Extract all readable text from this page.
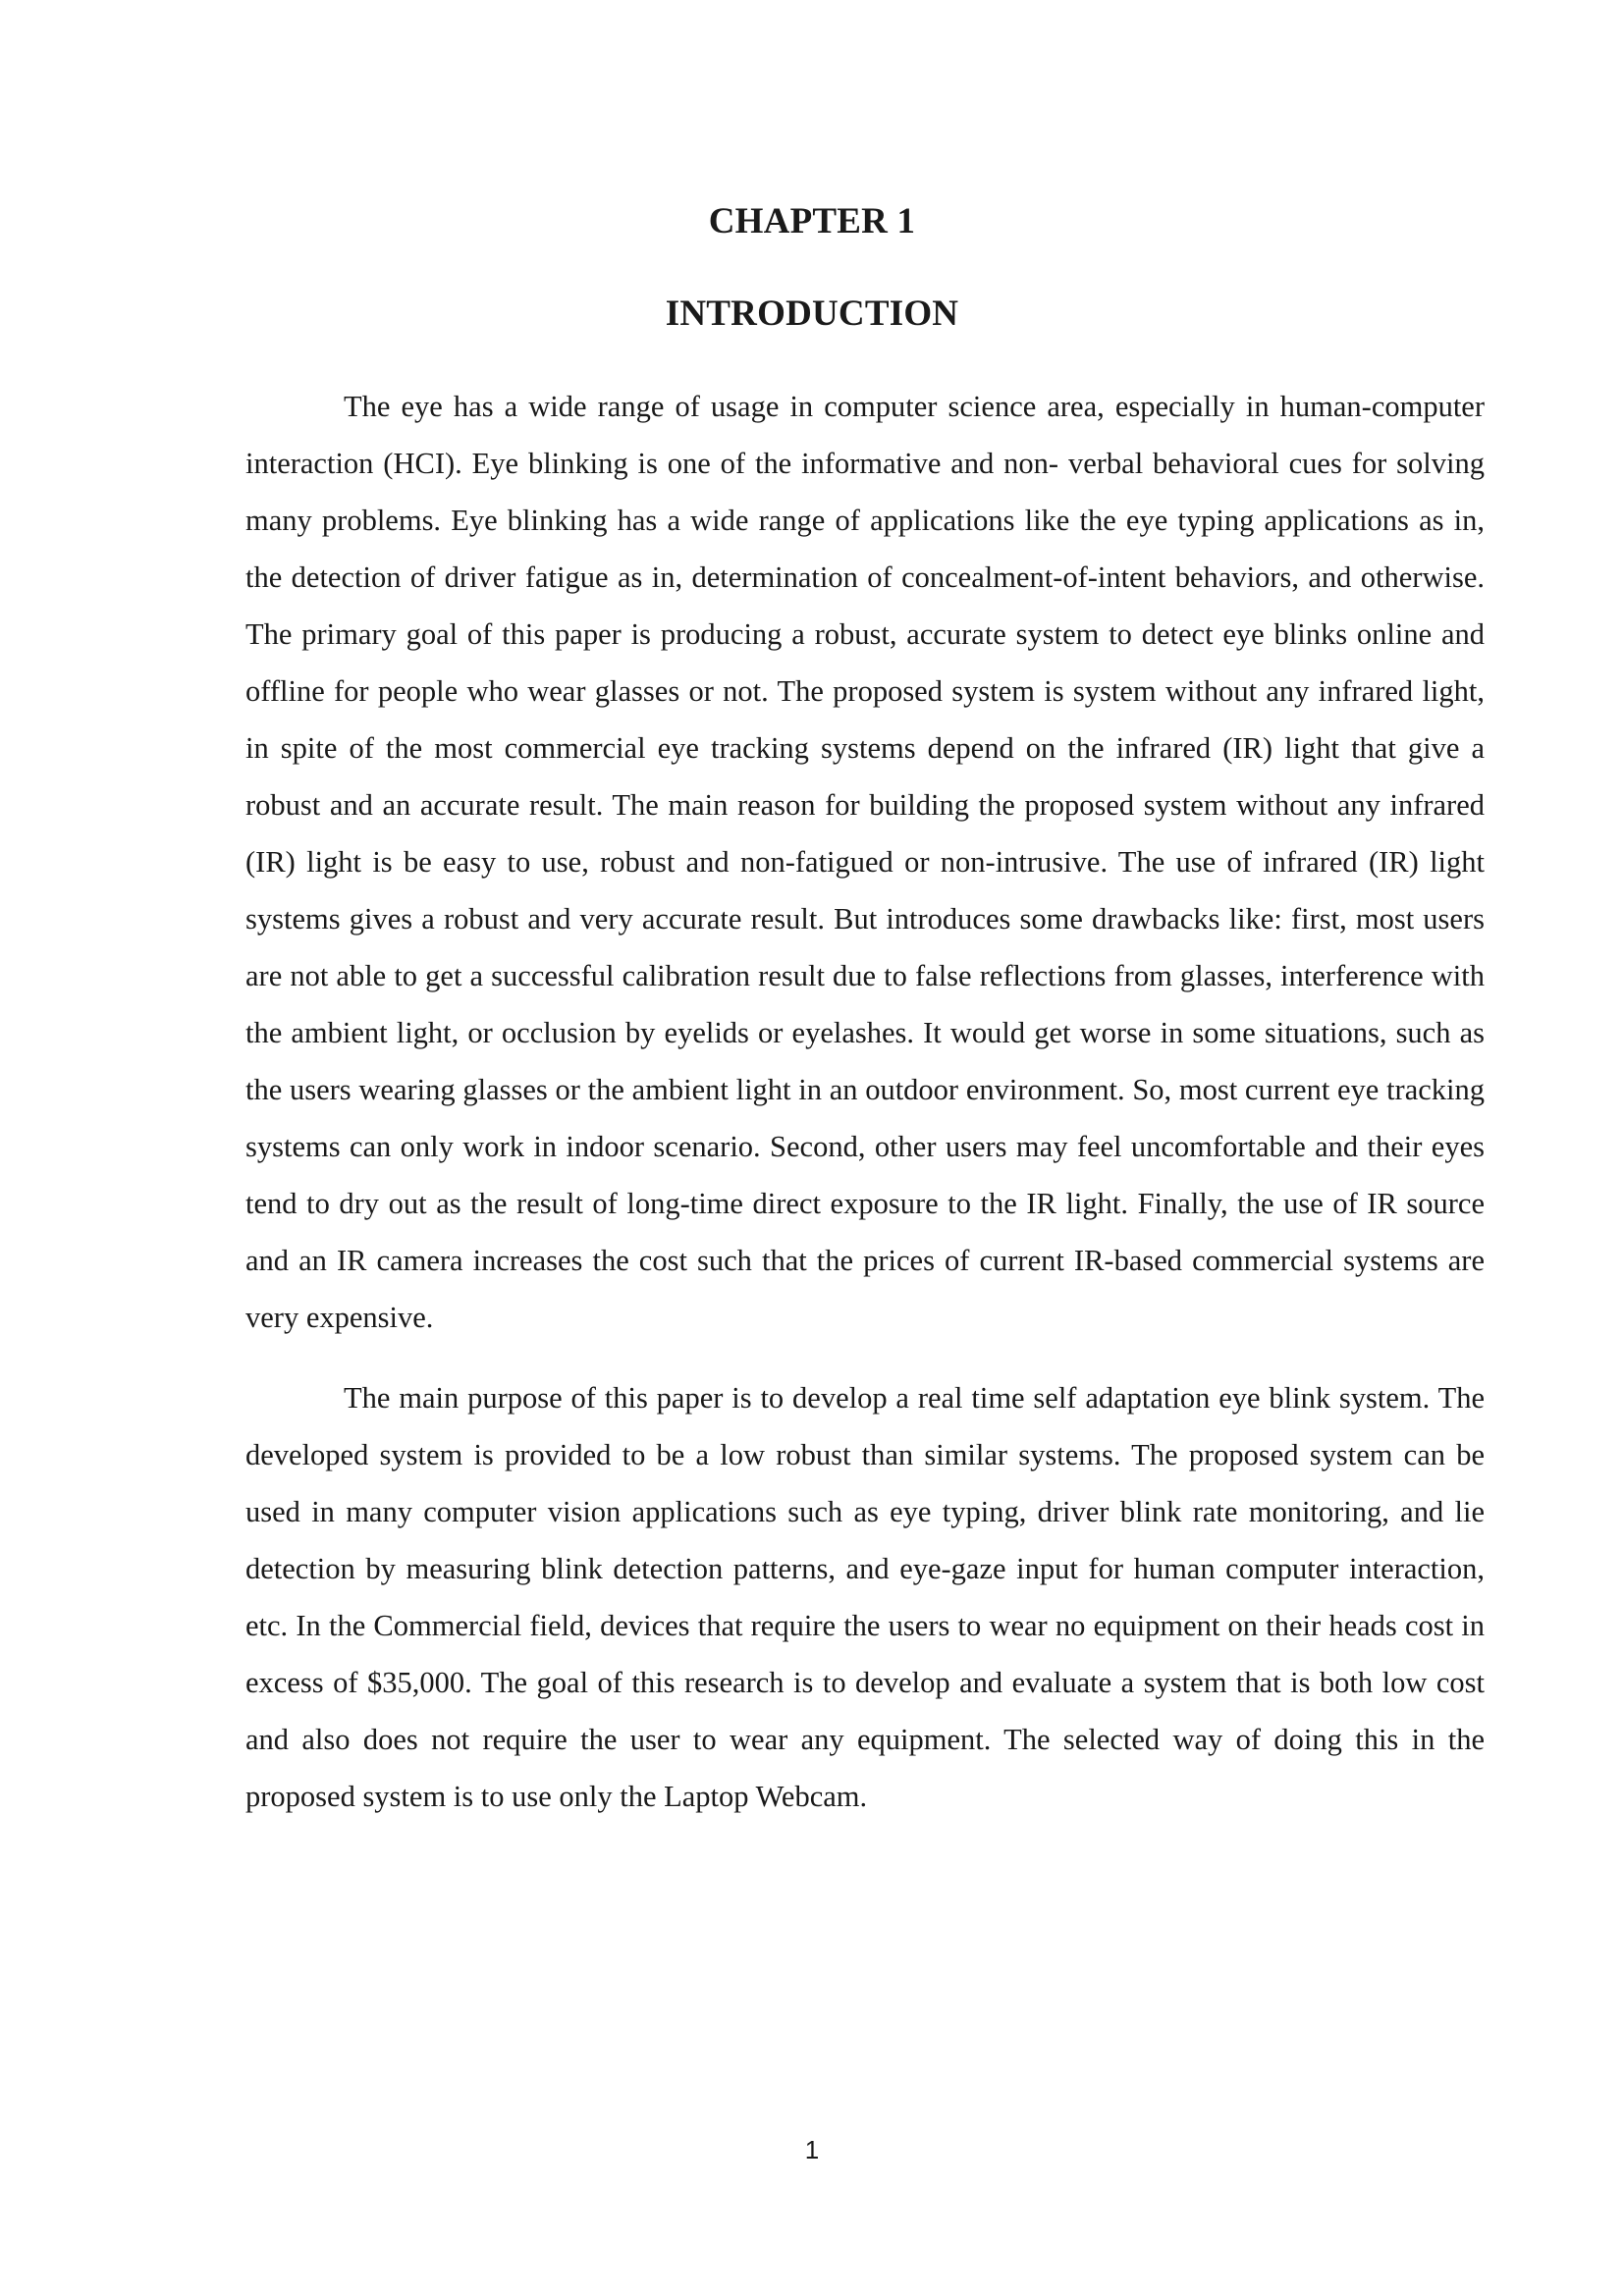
CHAPTER 1
INTRODUCTION

The eye has a wide range of usage in computer science area, especially in human-computer interaction (HCI). Eye blinking is one of the informative and non- verbal behavioral cues for solving many problems. Eye blinking has a wide range of applications like the eye typing applications as in, the detection of driver fatigue as in, determination of concealment-of-intent behaviors, and otherwise. The primary goal of this paper is producing a robust, accurate system to detect eye blinks online and offline for people who wear glasses or not. The proposed system is system without any infrared light, in spite of the most commercial eye tracking systems depend on the infrared (IR) light that give a robust and an accurate result. The main reason for building the proposed system without any infrared (IR) light is be easy to use, robust and non-fatigued or non-intrusive. The use of infrared (IR) light systems gives a robust and very accurate result. But introduces some drawbacks like: first, most users are not able to get a successful calibration result due to false reflections from glasses, interference with the ambient light, or occlusion by eyelids or eyelashes. It would get worse in some situations, such as the users wearing glasses or the ambient light in an outdoor environment. So, most current eye tracking systems can only work in indoor scenario. Second, other users may feel uncomfortable and their eyes tend to dry out as the result of long-time direct exposure to the IR light. Finally, the use of IR source and an IR camera increases the cost such that the prices of current IR-based commercial systems are very expensive.

The main purpose of this paper is to develop a real time self adaptation eye blink system. The developed system is provided to be a low robust than similar systems. The proposed system can be used in many computer vision applications such as eye typing, driver blink rate monitoring, and lie detection by measuring blink detection patterns, and eye-gaze input for human computer interaction, etc. In the Commercial field, devices that require the users to wear no equipment on their heads cost in excess of $35,000. The goal of this research is to develop and evaluate a system that is both low cost and also does not require the user to wear any equipment. The selected way of doing this in the proposed system is to use only the Laptop Webcam.

1
